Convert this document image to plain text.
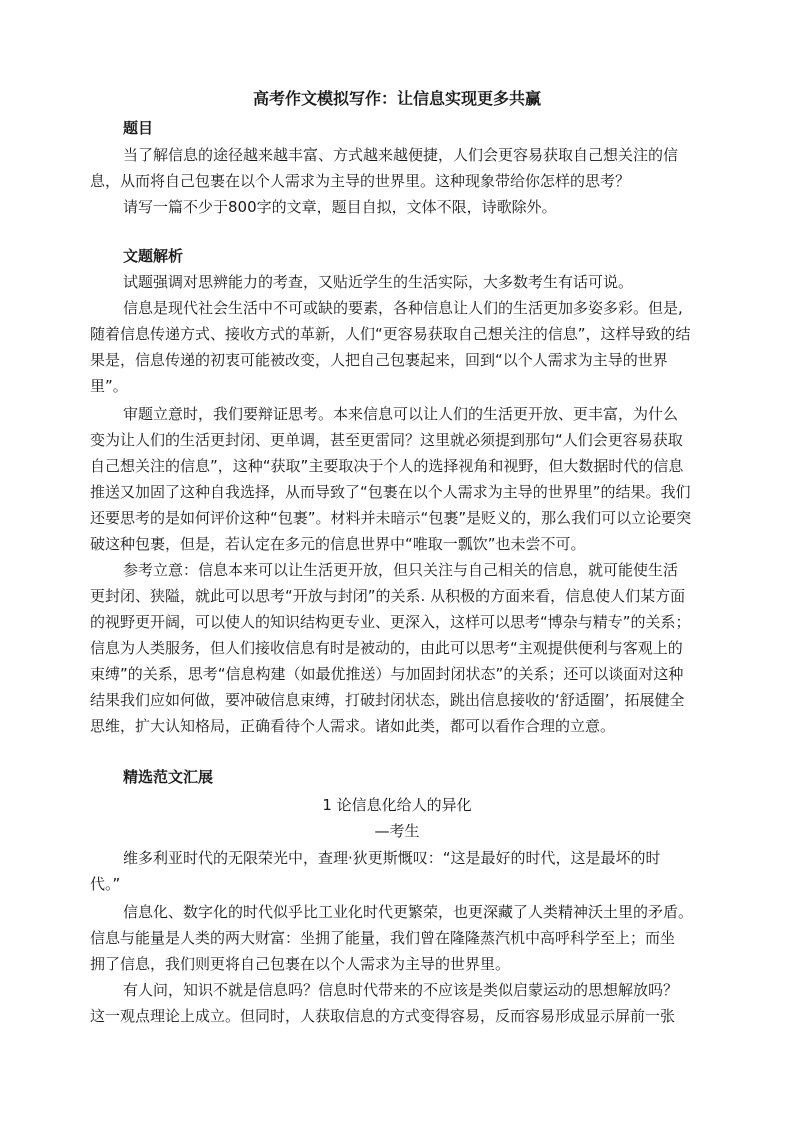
高考作文模拟写作：让信息实现更多共赢
题目
当了解信息的途径越来越丰富、方式越来越便捷，人们会更容易获取自己想关注的信
息，从而将自己包裹在以个人需求为主导的世界里。这种现象带给你怎样的思考？
请写一篇不少于800字的文章，题目自拟，文体不限，诗歌除外。
文题解析
试题强调对思辨能力的考查，又贴近学生的生活实际，大多数考生有话可说。
信息是现代社会生活中不可或缺的要素，各种信息让人们的生活更加多姿多彩。但是,
随着信息传递方式、接收方式的革新，人们“更容易获取自己想关注的信息”，这样导致的结
果是，信息传递的初衷可能被改变，人把自己包裹起来，回到“以个人需求为主导的世界
里”。
审题立意时，我们要辩证思考。本来信息可以让人们的生活更开放、更丰富，为什么
变为让人们的生活更封闭、更单调，甚至更雷同？这里就必须提到那句“人们会更容易获取
自己想关注的信息”，这种“获取”主要取决于个人的选择视角和视野，但大数据时代的信息
推送又加固了这种自我选择，从而导致了“包裹在以个人需求为主导的世界里”的结果。我们
还要思考的是如何评价这种“包裹”。材料并未暗示“包裹”是贬义的，那么我们可以立论要突
破这种包裹，但是，若认定在多元的信息世界中“唯取一瓢饮”也未尝不可。
参考立意：信息本来可以让生活更开放，但只关注与自己相关的信息，就可能使生活
更封闭、狭隘，就此可以思考“开放与封闭”的关系. 从积极的方面来看，信息使人们某方面
的视野更开阔，可以使人的知识结构更专业、更深入，这样可以思考“博杂与精专”的关系；
信息为人类服务，但人们接收信息有时是被动的，由此可以思考“主观提供便利与客观上的
束缚”的关系，思考“信息构建（如最优推送）与加固封闭状态”的关系；还可以谈面对这种
结果我们应如何做，要冲破信息束缚，打破封闭状态，跳出信息接收的‘舒适圈’，拓展健全
思维，扩大认知格局，正确看待个人需求。诸如此类，都可以看作合理的立意。
精选范文汇展
1 论信息化给人的异化
—考生
维多利亚时代的无限荣光中，查理·狄更斯慨叹：“这是最好的时代，这是最坏的时
代。”
信息化、数字化的时代似乎比工业化时代更繁荣，也更深藏了人类精神沃土里的矛盾。
信息与能量是人类的两大财富：坐拥了能量，我们曾在隆隆蒸汽机中高呼科学至上；而坐
拥了信息，我们则更将自己包裹在以个人需求为主导的世界里。
有人问，知识不就是信息吗？信息时代带来的不应该是类似启蒙运动的思想解放吗？
这一观点理论上成立。但同时，人获取信息的方式变得容易，反而容易形成显示屏前一张
